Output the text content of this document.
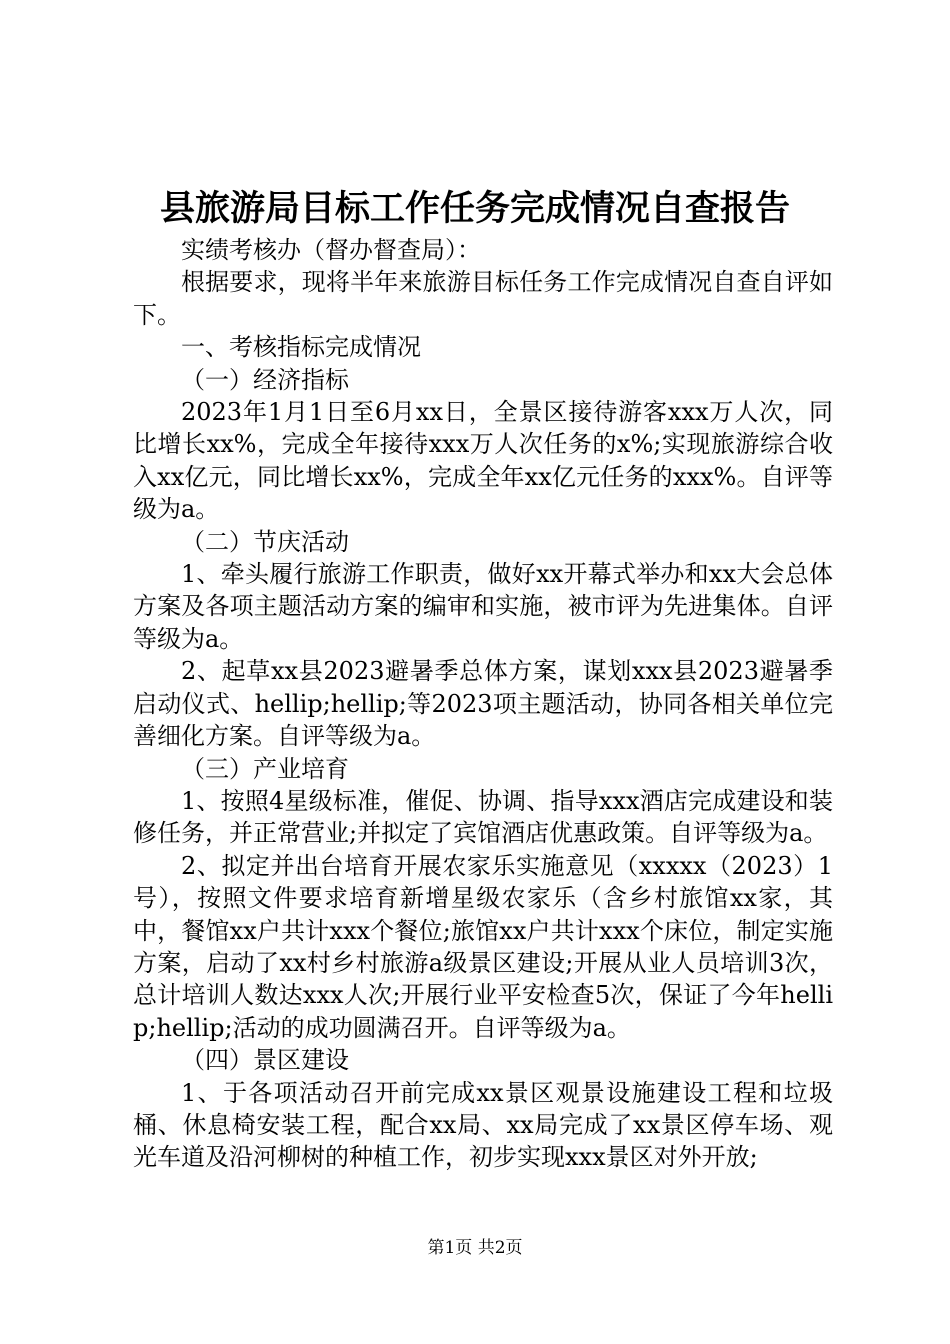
县旅游局目标工作任务完成情况自查报告

实绩考核办（督办督查局）：

根据要求，现将半年来旅游目标任务工作完成情况自查自评如下。

一、考核指标完成情况

（一）经济指标

2023年1月1日至6月xx日，全景区接待游客xxx万人次，同比增长xx%，完成全年接待xxx万人次任务的x%;实现旅游综合收入xx亿元，同比增长xx%，完成全年xx亿元任务的xxx%。自评等级为a。

（二）节庆活动

1、牵头履行旅游工作职责，做好xx开幕式举办和xx大会总体方案及各项主题活动方案的编审和实施，被市评为先进集体。自评等级为a。

2、起草xx县2023避暑季总体方案，谋划xxx县2023避暑季启动仪式、hellip;hellip;等2023项主题活动，协同各相关单位完善细化方案。自评等级为a。

（三）产业培育

1、按照4星级标准，催促、协调、指导xxx酒店完成建设和装修任务，并正常营业;并拟定了宾馆酒店优惠政策。自评等级为a。

2、拟定并出台培育开展农家乐实施意见（xxxxx（2023）1号），按照文件要求培育新增星级农家乐（含乡村旅馆xx家，其中，餐馆xx户共计xxx个餐位;旅馆xx户共计xxx个床位，制定实施方案，启动了xx村乡村旅游a级景区建设;开展从业人员培训3次，总计培训人数达xxx人次;开展行业平安检查5次，保证了今年hellip;hellip;活动的成功圆满召开。自评等级为a。

（四）景区建设

1、于各项活动召开前完成xx景区观景设施建设工程和垃圾桶、休息椅安装工程，配合xx局、xx局完成了xx景区停车场、观光车道及沿河柳树的种植工作，初步实现xxx景区对外开放;

第1页 共2页
